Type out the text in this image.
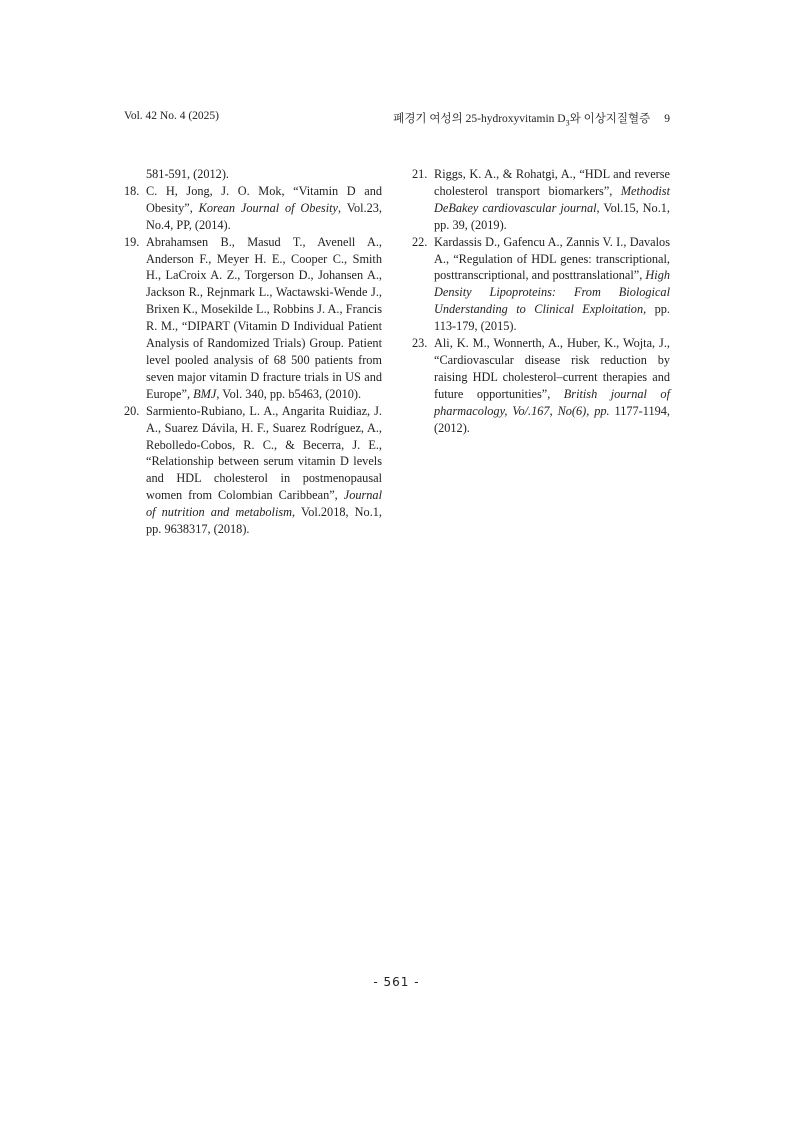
Vol. 42 No. 4 (2025)	폐경기 여성의 25-hydroxyvitamin $D_3$와 이상지질혈증 9
581-591, (2012).
18. C. H, Jong, J. O. Mok, “Vitamin D and Obesity”, Korean Journal of Obesity, Vol.23, No.4, PP, (2014).
19. Abrahamsen B., Masud T., Avenell A., Anderson F., Meyer H. E., Cooper C., Smith H., LaCroix A. Z., Torgerson D., Johansen A., Jackson R., Rejnmark L., Wactawski-Wende J., Brixen K., Mosekilde L., Robbins J. A., Francis R. M., “DIPART (Vitamin D Individual Patient Analysis of Randomized Trials) Group. Patient level pooled analysis of 68 500 patients from seven major vitamin D fracture trials in US and Europe”, BMJ, Vol. 340, pp. b5463, (2010).
20. Sarmiento-Rubiano, L. A., Angarita Ruidiaz, J. A., Suarez Dávila, H. F., Suarez Rodríguez, A., Rebolledo-Cobos, R. C., & Becerra, J. E., “Relationship between serum vitamin D levels and HDL cholesterol in postmenopausal women from Colombian Caribbean”, Journal of nutrition and metabolism, Vol.2018, No.1, pp. 9638317, (2018).
21. Riggs, K. A., & Rohatgi, A., “HDL and reverse cholesterol transport biomarkers”, Methodist DeBakey cardiovascular journal, Vol.15, No.1, pp. 39, (2019).
22. Kardassis D., Gafencu A., Zannis V. I., Davalos A., “Regulation of HDL genes: transcriptional, posttranscriptional, and posttranslational”, High Density Lipoproteins: From Biological Understanding to Clinical Exploitation, pp. 113-179, (2015).
23. Ali, K. M., Wonnerth, A., Huber, K., Wojta, J., “Cardiovascular disease risk reduction by raising HDL cholesterol–current therapies and future opportunities”, British journal of pharmacology, Vo/.167, No(6), pp. 1177-1194, (2012).
- 561 -
